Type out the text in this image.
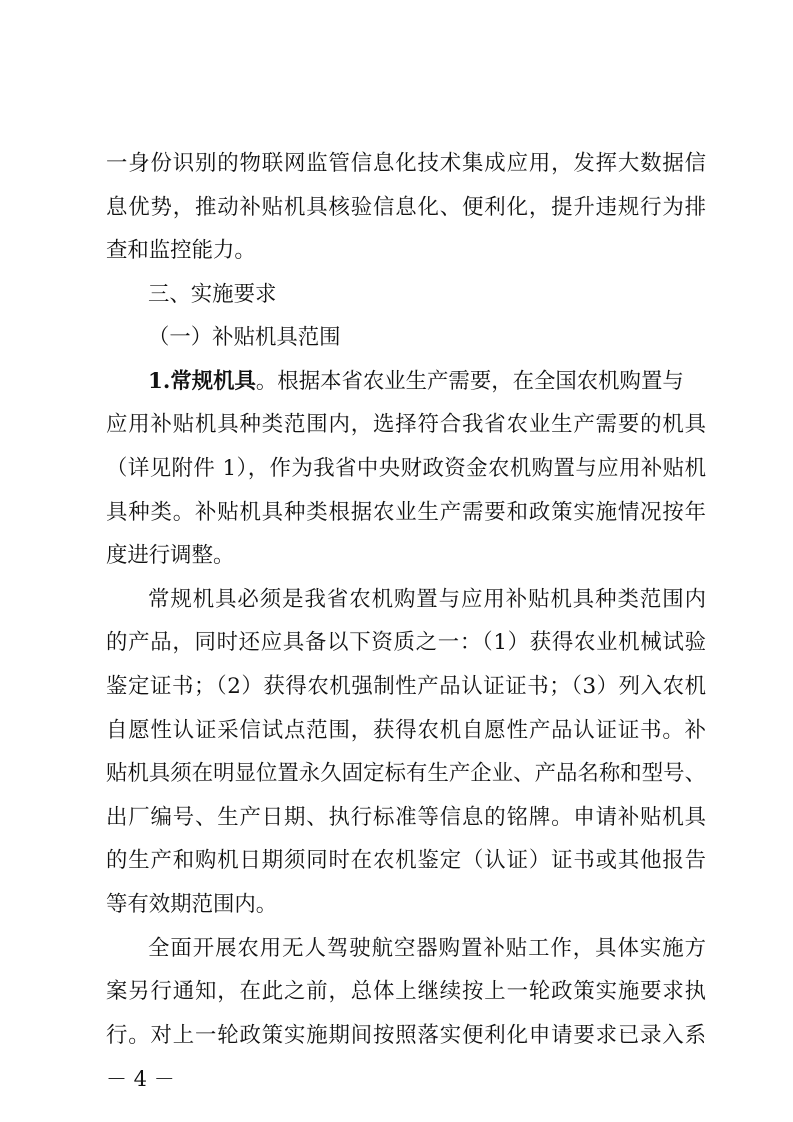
一身份识别的物联网监管信息化技术集成应用，发挥大数据信
息优势，推动补贴机具核验信息化、便利化，提升违规行为排
查和监控能力。
三、实施要求
（一）补贴机具范围
1.常规机具。根据本省农业生产需要，在全国农机购置与
应用补贴机具种类范围内，选择符合我省农业生产需要的机具
（详见附件 1），作为我省中央财政资金农机购置与应用补贴机
具种类。补贴机具种类根据农业生产需要和政策实施情况按年
度进行调整。
常规机具必须是我省农机购置与应用补贴机具种类范围内
的产品，同时还应具备以下资质之一：（1）获得农业机械试验
鉴定证书；（2）获得农机强制性产品认证证书；（3）列入农机
自愿性认证采信试点范围，获得农机自愿性产品认证证书。补
贴机具须在明显位置永久固定标有生产企业、产品名称和型号、
出厂编号、生产日期、执行标准等信息的铭牌。申请补贴机具
的生产和购机日期须同时在农机鉴定（认证）证书或其他报告
等有效期范围内。
全面开展农用无人驾驶航空器购置补贴工作，具体实施方
案另行通知，在此之前，总体上继续按上一轮政策实施要求执
行。对上一轮政策实施期间按照落实便利化申请要求已录入系
－ 4 －
